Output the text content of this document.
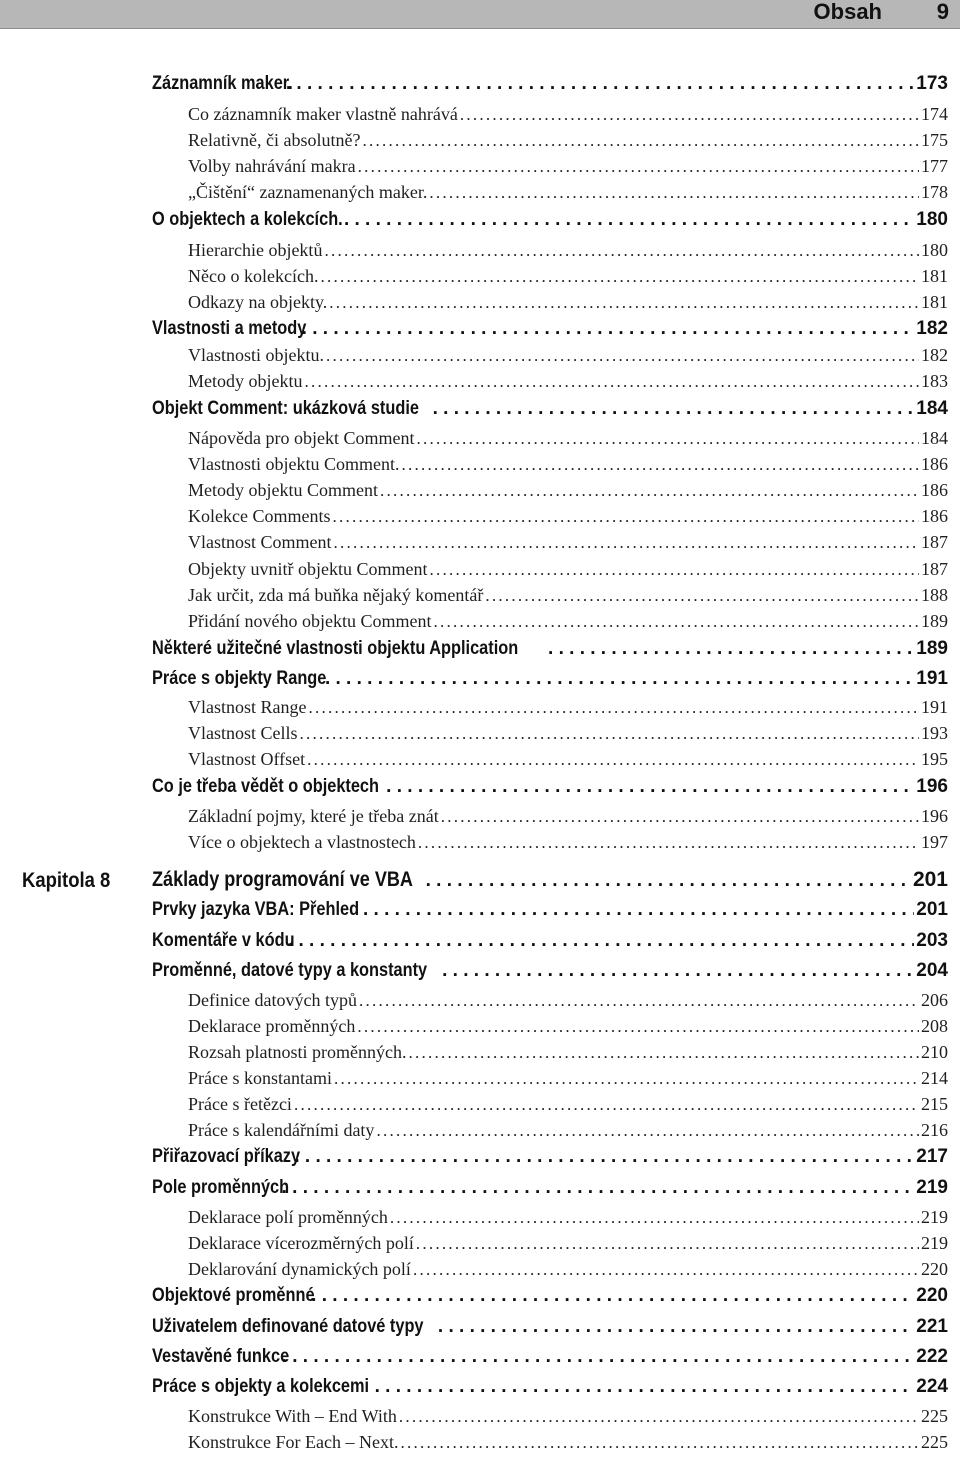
Obsah 9
Kapitola 8
Záznamník maker. . . .	173
Co záznamník maker vlastně nahrává . . .	174
Relativně, či absolutně? . . .	175
Volby nahrávání makra . . .	177
„Čištění“ zaznamenaných maker. . . .	178
O objektech a kolekcích. . . .	180
Hierarchie objektů . . .	180
Něco o kolekcích. . . .	181
Odkazy na objekty. . . .	181
Vlastnosti a metody . . .	182
Vlastnosti objektu. . . .	182
Metody objektu . . .	183
Objekt Comment: ukázková studie . . .	184
Nápověda pro objekt Comment . . .	184
Vlastnosti objektu Comment. . . .	186
Metody objektu Comment . . .	186
Kolekce Comments . . .	186
Vlastnost Comment . . .	187
Objekty uvnitř objektu Comment . . .	187
Jak určit, zda má buňka nějaký komentář . . .	188
Přidání nového objektu Comment . . .	189
Některé užitečné vlastnosti objektu Application . . .	189
Práce s objekty Range . . .	191
Vlastnost Range . . .	191
Vlastnost Cells . . .	193
Vlastnost Offset . . .	195
Co je třeba vědět o objektech . . .	196
Základní pojmy, které je třeba znát . . .	196
Více o objektech a vlastnostech . . .	197
Základy programování ve VBA . . .	201
Prvky jazyka VBA: Přehled . . .	201
Komentáře v kódu . . .	203
Proměnné, datové typy a konstanty . . .	204
Definice datových typů . . .	206
Deklarace proměnných . . .	208
Rozsah platnosti proměnných. . . .	210
Práce s konstantami . . .	214
Práce s řetězci . . .	215
Práce s kalendářními daty . . .	216
Přiřazovací příkazy . . .	217
Pole proměnných . . .	219
Deklarace polí proměnných . . .	219
Deklarace vícerozměrných polí . . .	219
Deklarování dynamických polí . . .	220
Objektové proměnné . . .	220
Uživatelem definované datové typy . . .	221
Vestavěné funkce . . .	222
Práce s objekty a kolekcemi . . .	224
Konstrukce With – End With . . .	225
Konstrukce For Each – Next. . . .	225
